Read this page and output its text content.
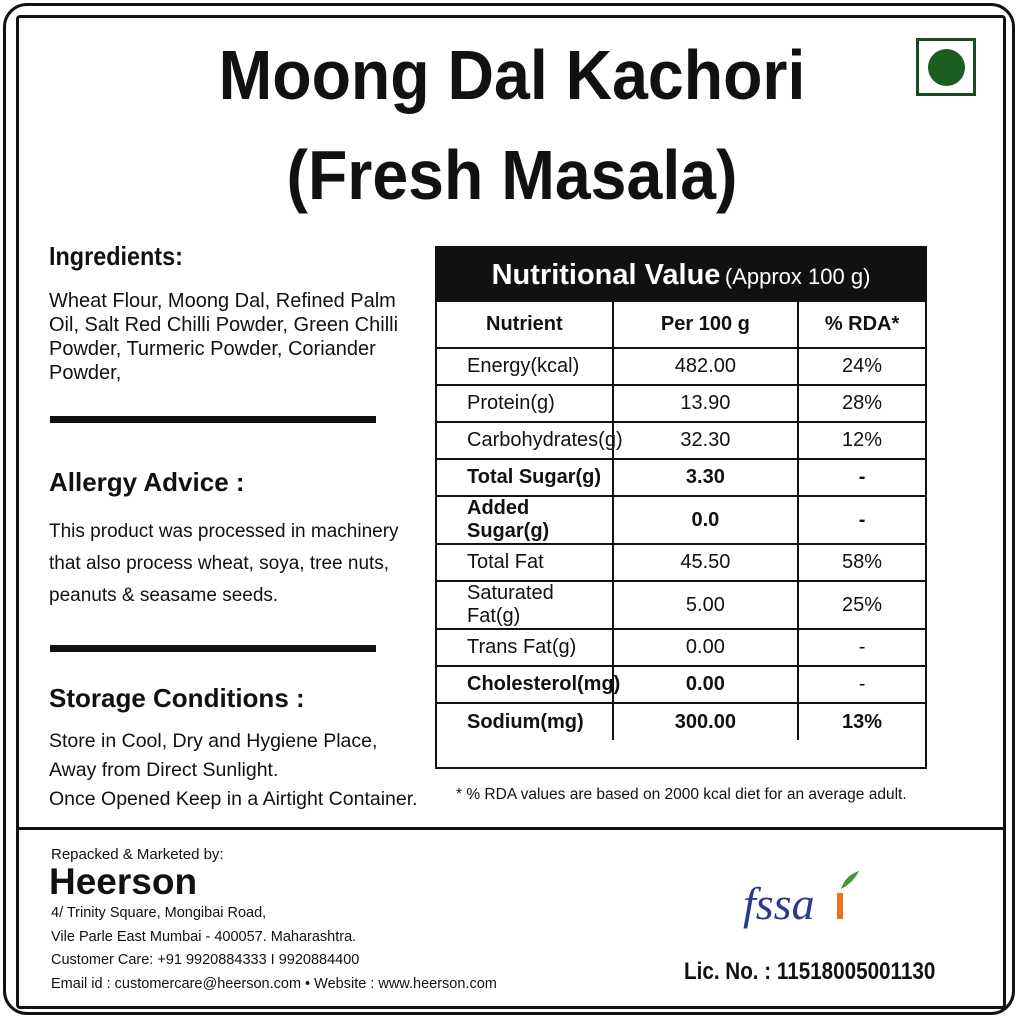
Moong Dal Kachori
(Fresh Masala)
Ingredients:
Wheat Flour, Moong Dal, Refined Palm Oil, Salt Red Chilli Powder, Green Chilli Powder, Turmeric Powder, Coriander Powder,
Allergy Advice :
This product was processed in machinery that also process wheat, soya, tree nuts, peanuts & seasame seeds.
Storage Conditions :
Store in Cool, Dry and Hygiene Place,
Away from Direct Sunlight.
Once Opened Keep in a Airtight Container.
Nutritional Value (Approx 100 g)
Nutrient	Per 100 g	% RDA*
Energy(kcal)	482.00	24%
Protein(g)	13.90	28%
Carbohydrates(g)	32.30	12%
Total Sugar(g)	3.30	-
Added Sugar(g)	0.0	-
Total Fat	45.50	58%
Saturated Fat(g)	5.00	25%
Trans Fat(g)	0.00	-
Cholesterol(mg)	0.00	-
Sodium(mg)	300.00	13%
* % RDA values are based on 2000 kcal diet for an average adult.
Repacked & Marketed by:
Heerson
4/ Trinity Square, Mongibai Road,
Vile Parle East Mumbai - 400057. Maharashtra.
Customer Care: +91 9920884333 I 9920884400
Email id : customercare@heerson.com • Website : www.heerson.com
fssa
Lic. No. : 11518005001130
